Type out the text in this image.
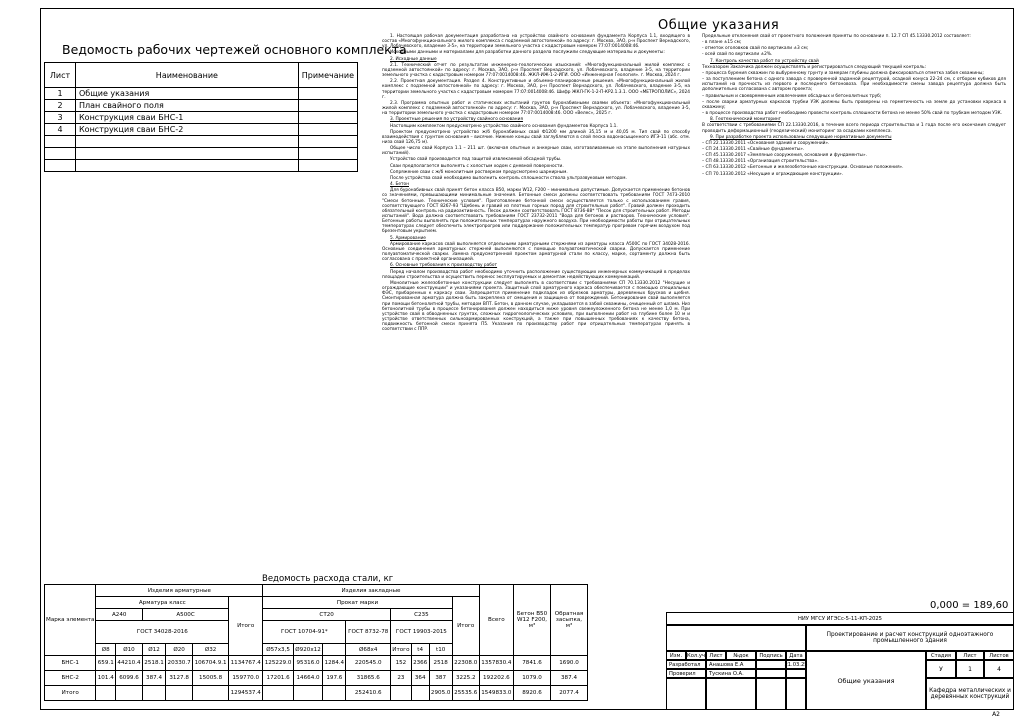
Общие указания
Ведомость рабочих чертежей основного комплекта
Лист	Наименование	Примечание
1	Общие указания	
2	План свайного поля	
3	Конструкция сваи БНС-1	
4	Конструкция сваи БНС-2	

1. Настоящая рабочая документация разработана на устройство свайного основания фундамента Корпуса 1.1, входящего в состав «Многофункционального жилого комплекса с подземной автостоянкой» по адресу: г. Москва, ЗАО, р-н Проспект Вернадского, ул. Лобачевского, владение 3-5», на территории земельного участка с кадастровым номером 77:07:0014008:46.

Исходными данными и материалами для разработки данного раздела послужили следующие материалы и документы:

2. Исходные данные

2.1. Технический отчет по результатам инженерно-геологических изысканий: «Многофункциональный жилой комплекс с подземной автостоянкой» по адресу: г. Москва, ЗАО, р-н Проспект Вернадского, ул. Лобачевского, владение 3-5, на территории земельного участка с кадастровым номером 77:07:0014008:46. ЖКЛ-ИЖ-1-2-ИГИ. ООО «Инженерная Геология». г. Москва, 2024 г.

2.2. Проектная документация. Раздел 4. Конструктивные и объемно-планировочные решения. «Многофункциональный жилой комплекс с подземной автостоянкой» по адресу: г. Москва, ЗАО, р-н Проспект Вернадского, ул. Лобачевского, владение 3-5, на территории земельного участка с кадастровым номером 77:07:0014008:46. Шифр ЖКЛ-ГК-1-2-П-КР2.1.3.1. ООО «МЕТРОПОЛИС», 2024 г.

2.3. Программа опытных работ и статических испытаний грунтов буронабивными сваями объекта: «Многофункциональный жилой комплекс с подземной автостоянкой» по адресу: г. Москва, ЗАО, р-н Проспект Вернадского, ул. Лобачевского, владение 3-5, на территории земельного участка с кадастровым номером 77:07:0014008:46. ООО «Велес», 2025 г.

3. Проектные решения по устройству свайного основания

Настоящим комплектом предусмотрено устройство свайного основания фундаментов Корпуса 1.1.

Проектом предусмотрено устройство ж/б буронабивных свай Ф1200 мм длиной 35,15 м и 40,05 м. Тип свай по способу взаимодействия с грунтом основания – висячие. Нижние концы свай заглубляются в слой песка водонасыщенного ИГЭ-11 (абс. отм. низа свай 126,75 м).

Общее число свай Корпуса 1.1 – 211 шт. (включая опытные и анкерные сваи, изготавливаемые на этапе выполнения натурных испытаний).

Устройство свай производится под защитой извлекаемой обсадной трубы.

Сваи предполагается выполнять с холостым ходом с дневной поверхности.

Сопряжение сваи с ж/б монолитным ростверком предусмотрено шарнирным.

После устройства свай необходимо выполнить контроль сплошности ствола ультразвуковым методом.

4. Бетон

Для буронабивных свай принят бетон класса B50, марки W12, F200 – минимально допустимые. Допускается применение бетонов со значениями, превышающими минимальные значения. Бетонные смеси должны соответствовать требованиям ГОСТ 7473-2010 "Смеси бетонные. Технические условия". Приготовление бетонной смеси осуществляется только с использованием гравия, соответствующего ГОСТ 8267-93 "Щебень и гравий из плотных горных пород для строительных работ". Гравий должен проходить обязательный контроль на радиоактивность. Песок должен соответствовать ГОСТ 8736-88* "Песок для строительных работ. Методы испытаний". Вода должна соответствовать требованиям ГОСТ 23732-2011 "Вода для бетонов и растворов. Технические условия". Бетонные работы выполнять при положительных температурах наружного воздуха. При необходимости работы при отрицательных температурах следует обеспечить электропрогрев или поддержание положительных температур прогревом горячим воздухом под брезентовым укрытием.

5. Армирование

Армирование каркасов свай выполняется отдельными арматурными стержнями из арматуры класса А500С по ГОСТ 34028-2016. Основные соединения арматурных стержней выполняются с помощью полуавтоматической сварки. Допускается применение полуавтоматической сварки. Замена предусмотренной проектом арматурной стали по классу, марке, сортаменту должна быть согласована с проектной организацией.

6. Основные требования к производству работ

Перед началом производства работ необходимо уточнить расположение существующих инженерных коммуникаций в пределах площадки строительства и осуществить перенос эксплуатируемых и демонтаж недействующих коммуникаций.

Монолитные железобетонные конструкции следует выполнять в соответствии с требованиями СП 70.13330.2012 "Несущие и ограждающие конструкции" и указаниями проекта. Защитный слой арматурного каркаса обеспечивается с помощью специальных ФЭС, прибаренных к каркасу сваи. Запрещается применение подкладок из обрезков арматуры, деревянных брусков и щебня. Смонтированная арматура должна быть закреплена от смещения и защищена от повреждений. Бетонирование свай выполняется при помощи бетонолитной трубы, методом ВПТ. Бетон, в данном случае, укладывается в забой скважины, очищенный от шлама. Низ бетонолитной трубы в процессе бетонирования должен находиться ниже уровня свежеуложенного бетона не менее 1,0 м. При устройстве свай в обводненных грунтах, сложных гидрогеологических условиях, при выполнении работ на глубине более 10 м и устройстве ответственных сильноармированных конструкций, а также при повышенных требованиях к качеству бетона, подвижность бетонной смеси принята П5. Указания по производству работ при отрицательных температурах принять в соответствии с ППР.

Предельные отклонения свай от проектного положения приняты по основании п. 12.7 СП 45.13330.2012 составляет:

- в плане ±15 см;

- отметок оголовков свай по вертикали ±3 см;

- осей свай по вертикали ±2%.

7. Контроль качества работ по устройству свай

Техназором Заказчика должен осуществлять и регистрироваться следующий текущий контроль:

– процесса бурения скважин по выбуренному грунту и замерам глубины должна фиксироваться отметка забоя скважины;

– за поступлением бетона с одного завода с проверенной заданной рецептурой, осадкой конуса 22-24 см, с отбором кубиков для испытаний на прочность из первого и последнего бетоновоза. При необходимости смены завода рецептура должна быть дополнительно согласована с автором проекта;

– правильным и своевременным извлечением обсадных и бетонолитных труб;

– после сварки арматурных каркасов трубки УЗК должны быть проверены на герметичность на земле до установки каркаса в скважину;

– в процессе производства работ необходимо провести контроль сплошности бетона не менее 50% свай по трубкам методом УЗК.

8. Геотехнический мониторинг

В соответствии с требованиями СП 22.13330.2016, в течение всего периода строительства и 1 года после его окончания следует проводить деформационный (геодезический) мониторинг за осадками комплекса.

9. При разработке проекта использованы следующие нормативные документы

– СП 22.13330.2011 «Основания зданий и сооружений».

– СП 24.13330.2011 «Свайные фундаменты».

– СП 45.13330.2017 «Земляные сооружения, основания и фундаменты».

– СП 48.13330.2011 «Организация строительства».

– СП 63.13330.2012 «Бетонные и железобетонные конструкции. Основные положения».

– СП 70.13330.2012 «Несущие и ограждающие конструкции».

Ведомость расхода стали, кг
Марка элемента	Изделия арматурные						Изделия закладные								Всего	Бетон B50 W12 F200, м³	Обратная засыпка, м³
	Арматура класс					Итого	Прокат марки							Итого			
	A240		A500C				СТ20				С235						
	ГОСТ 34028-2016						ГОСТ 10704-91*			ГОСТ 8732-78	ГОСТ 19903-2015						
	Ø8	Ø10	Ø12	Ø20	Ø32		Ø57x3,5	Ø920x12		Ø68x4	Итого	t4	t10				
БНС-1	659.1	44210.4	2518.1	20330.7	106704.9.1	1134767.4	125229.0	95316.0	1284.4	220545.0	152	2366	2518	22308.0	1357830.4	7841.6	1690.0
БНС-2	101.4	6099.6	387.4	3127.8	15005.8	159770.0	17201.6	14664.0	197.6	31865.6	23	364	387	3225.2	192202.6	1079.0	387.4
Итого						1294537.4				252410.6			2905.0	25535.6	1549833.0	8920.6	2077.4
0,000 = 189,60
НИУ МГСУ ИГЭСс-5-11-КП-2025
Проектирование и расчет конструкций одноэтажного промышленного здания
Изм. Кол.уч Лист	№док	Подпись	Дата
Разработал	Анашова Е.А	21.03.25
Проверил	Тускина О.А.
Общие указания
Стадия	Лист	Листов
У	1	4
Кафедра металлических и деревянных конструкций
A2
